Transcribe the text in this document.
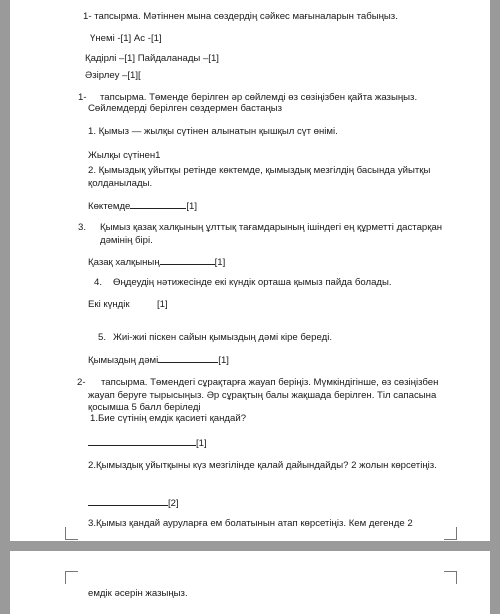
1- тапсырма. Мәтіннен мына сөздердің сәйкес мағыналарын табыңыз.
Үнемі -[1] Ас -[1]
Қадірлі –[1] Пайдаланады –[1]
Әзірлеу –[1][
1- тапсырма. Төменде берілген әр сөйлемді өз сөзіңізбен қайта жазыңыз.
Сөйлемдерді берілген сөздермен бастаңыз
1. Қымыз — жылқы сүтінен алынатын қышқыл сүт өнімі.
Жылқы сүтінен1
2. Қымыздық уйытқы ретінде көктемде, қымыздық мезгілдің басында уйытқы қолданылады.
Көктемде	[1]
3. Қымыз қазақ халқының ұлттық тағамдарының ішіндегі ең құрметті дастарқан дәмінің бірі.
Қазақ халқының	[1]
4. Өңдеудің нәтижесінде екі күндік орташа қымыз пайда болады.
Екі күндік	[1]
5. Жиі-жиі піскен сайын қымыздың дәмі кіре береді.
Қымыздың дәмі	[1]
2-	тапсырма. Төмендегі сұрақтарға жауап беріңіз. Мүмкіндігінше, өз сөзіңізбен жауап беруге тырысыңыз. Әр сұрақтың балы жақшада берілген. Тіл сапасына қосымша 5 балл беріледі
1.Бие сүтінің емдік қасиеті қандай?
[1]
2.Қымыздық уйытқыны күз мезгілінде қалай дайындайды? 2 жолын көрсетіңіз.
[2]
3.Қымыз қандай ауруларға ем болатынын атап көрсетіңіз. Кем дегенде 2
емдік әсерін жазыңыз.
